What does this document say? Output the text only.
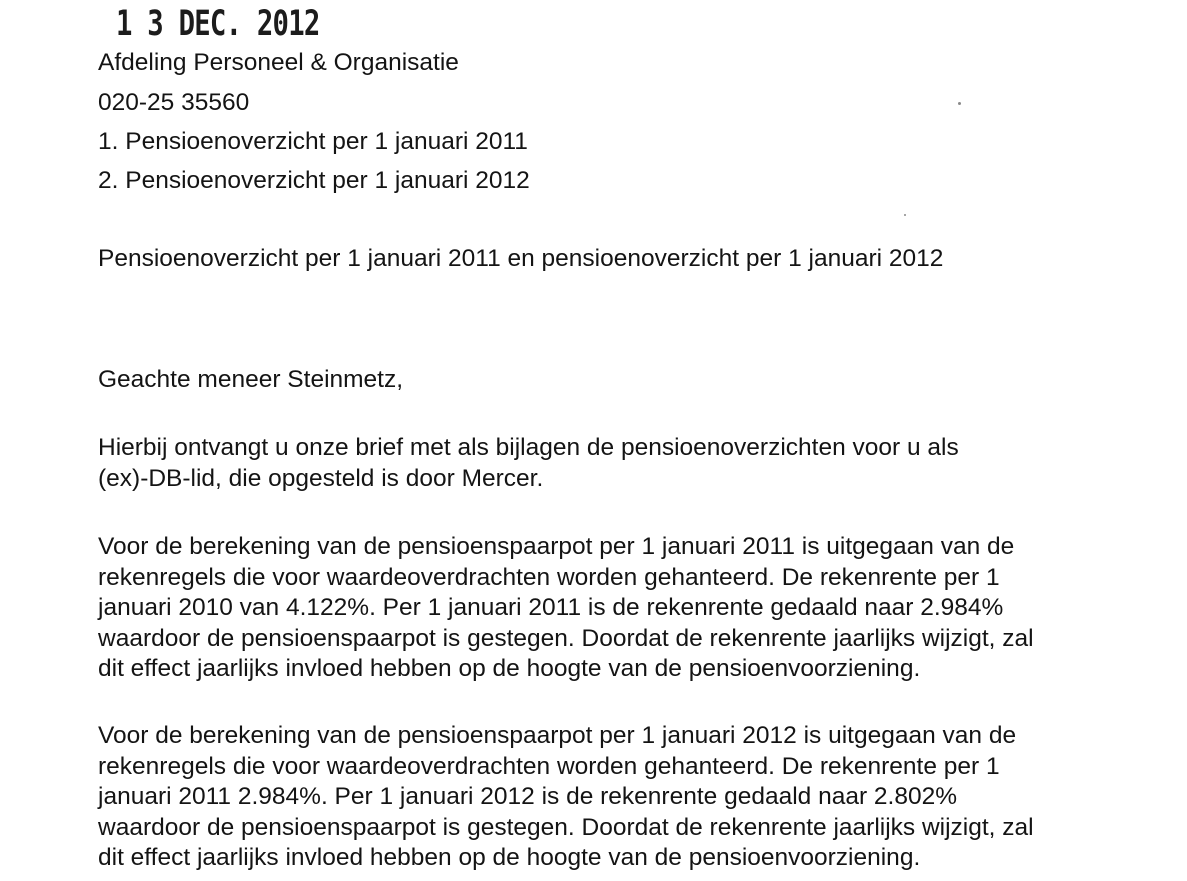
1 3 DEC. 2012
Afdeling Personeel & Organisatie
020-25 35560
1. Pensioenoverzicht per 1 januari 2011
2. Pensioenoverzicht per 1 januari 2012
Pensioenoverzicht per 1 januari 2011 en pensioenoverzicht per 1 januari 2012
Geachte meneer Steinmetz,
Hierbij ontvangt u onze brief met als bijlagen de pensioenoverzichten voor u als
(ex)-DB-lid, die opgesteld is door Mercer.
Voor de berekening van de pensioenspaarpot per 1 januari 2011 is uitgegaan van de
rekenregels die voor waardeoverdrachten worden gehanteerd. De rekenrente per 1
januari 2010 van 4.122%. Per 1 januari 2011 is de rekenrente gedaald naar 2.984%
waardoor de pensioenspaarpot is gestegen. Doordat de rekenrente jaarlijks wijzigt, zal
dit effect jaarlijks invloed hebben op de hoogte van de pensioenvoorziening.
Voor de berekening van de pensioenspaarpot per 1 januari 2012 is uitgegaan van de
rekenregels die voor waardeoverdrachten worden gehanteerd. De rekenrente per 1
januari 2011 2.984%. Per 1 januari 2012 is de rekenrente gedaald naar 2.802%
waardoor de pensioenspaarpot is gestegen. Doordat de rekenrente jaarlijks wijzigt, zal
dit effect jaarlijks invloed hebben op de hoogte van de pensioenvoorziening.
